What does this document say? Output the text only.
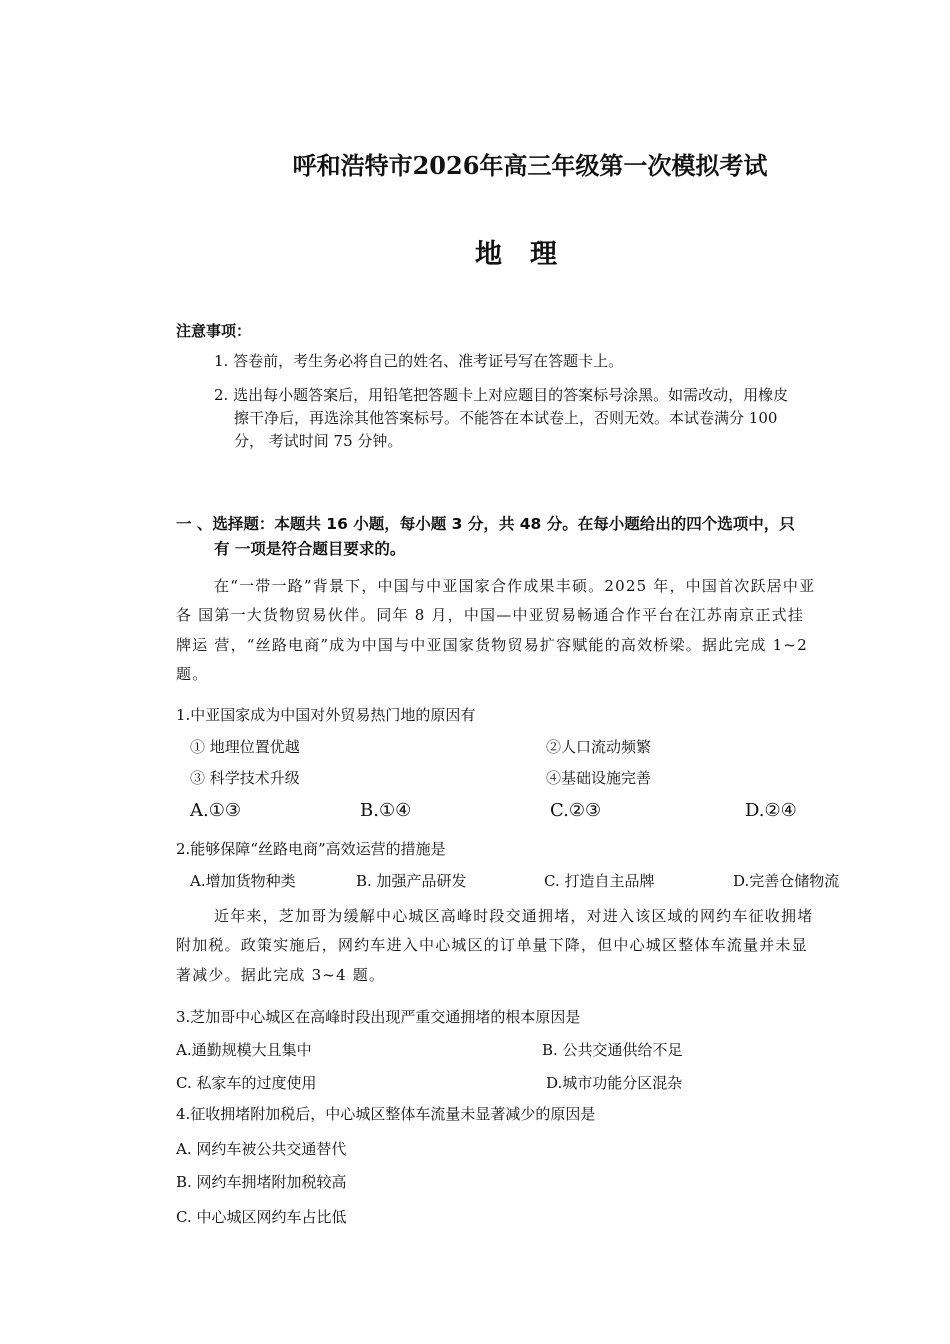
呼和浩特市2026年高三年级第一次模拟考试
地理
注意事项：
1. 答卷前，考生务必将自己的姓名、准考证号写在答题卡上。
2. 选出每小题答案后，用铅笔把答题卡上对应题目的答案标号涂黑。如需改动，用橡皮
擦干净后，再选涂其他答案标号。不能答在本试卷上，否则无效。本试卷满分 100
分， 考试时间 75 分钟。
一 、选择题：本题共 16 小题，每小题 3 分，共 48 分。在每小题给出的四个选项中，只
有 一项是符合题目要求的。
在“一带一路”背景下，中国与中亚国家合作成果丰硕。2025 年，中国首次跃居中亚
各 国第一大货物贸易伙伴。同年 8 月，中国—中亚贸易畅通合作平台在江苏南京正式挂
牌运 营，“丝路电商”成为中国与中亚国家货物贸易扩容赋能的高效桥梁。据此完成 1~2
题。
1.中亚国家成为中国对外贸易热门地的原因有
① 地理位置优越	②人口流动频繁
③ 科学技术升级	④基础设施完善
A.①③	B.①④	C.②③	D.②④
2.能够保障“丝路电商”高效运营的措施是
A.增加货物种类	B. 加强产品研发	C. 打造自主品牌	D.完善仓储物流
近年来，芝加哥为缓解中心城区高峰时段交通拥堵，对进入该区域的网约车征收拥堵
附加税。政策实施后，网约车进入中心城区的订单量下降，但中心城区整体车流量并未显
著减少。据此完成 3~4 题。
3.芝加哥中心城区在高峰时段出现严重交通拥堵的根本原因是
A.通勤规模大且集中	B. 公共交通供给不足
C. 私家车的过度使用	D.城市功能分区混杂
4.征收拥堵附加税后，中心城区整体车流量未显著减少的原因是
A. 网约车被公共交通替代
B. 网约车拥堵附加税较高
C. 中心城区网约车占比低
